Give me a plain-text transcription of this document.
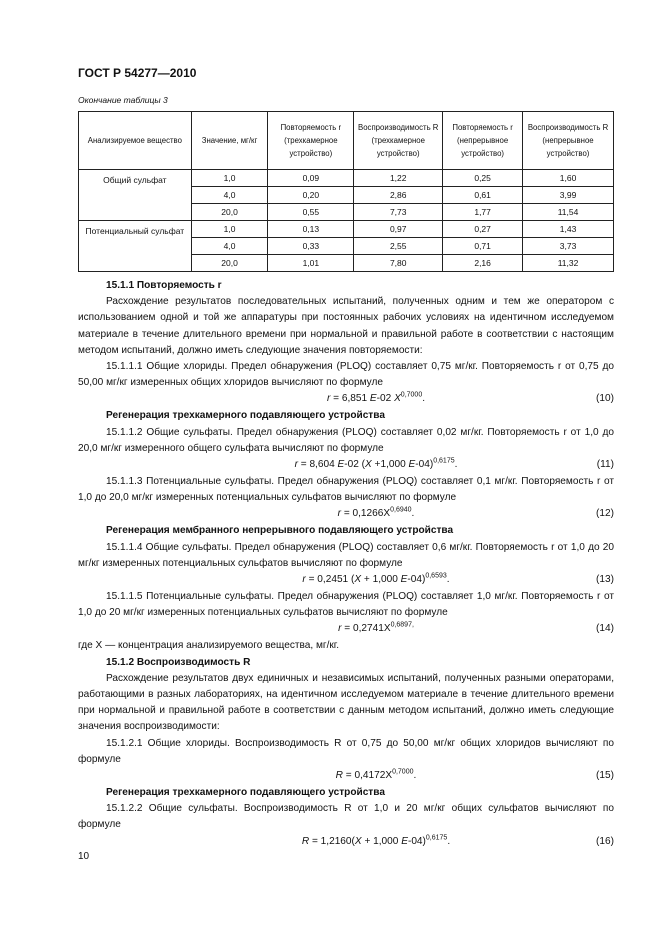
ГОСТ Р 54277—2010
Окончание таблицы 3
Анализируемое вещество	Значение, мг/кг	Повторяемость r (трехкамерное устройство)	Воспроизводимость R (трехкамерное устройство)	Повторяемость r (непрерывное устройство)	Воспроизводимость R (непрерывное устройство)
Общий сульфат	1,0	0,09	1,22	0,25	1,60
	4,0	0,20	2,86	0,61	3,99
	20,0	0,55	7,73	1,77	11,54
Потенциальный сульфат	1,0	0,13	0,97	0,27	1,43
	4,0	0,33	2,55	0,71	3,73
	20,0	1,01	7,80	2,16	11,32

15.1.1 Повторяемость r

Расхождение результатов последовательных испытаний, полученных одним и тем же оператором с использованием одной и той же аппаратуры при постоянных рабочих условиях на идентичном исследуемом материале в течение длительного времени при нормальной и правильной работе в соответствии с настоящим методом испытаний, должно иметь следующие значения повторяемости:

15.1.1.1 Общие хлориды. Предел обнаружения (PLOQ) составляет 0,75 мг/кг. Повторяемость r от 0,75 до 50,00 мг/кг измеренных общих хлоридов вычисляют по формуле

r = 6,851 E-02 $X^{0,7000}$.	(10)

Регенерация трехкамерного подавляющего устройства

15.1.1.2 Общие сульфаты. Предел обнаружения (PLOQ) составляет 0,02 мг/кг. Повторяемость r от 1,0 до 20,0 мг/кг измеренного общего сульфата вычисляют по формуле

r = 8,604 E-02 (X +1,000 E-04)$^{0,6175}$.	(11)

15.1.1.3 Потенциальные сульфаты. Предел обнаружения (PLOQ) составляет 0,1 мг/кг. Повторяемость r от 1,0 до 20,0 мг/кг измеренных потенциальных сульфатов вычисляют по формуле

$r = 0,1266X^{0,6940}$.	(12)

Регенерация мембранного непрерывного подавляющего устройства

15.1.1.4 Общие сульфаты. Предел обнаружения (PLOQ) составляет 0,6 мг/кг. Повторяемость r от 1,0 до 20 мг/кг измеренных потенциальных сульфатов вычисляют по формуле

r = 0,2451 (X + 1,000 E-04)$^{0,6593}$.	(13)

15.1.1.5 Потенциальные сульфаты. Предел обнаружения (PLOQ) составляет 1,0 мг/кг. Повторяемость r от 1,0 до 20 мг/кг измеренных потенциальных сульфатов вычисляют по формуле

$r = 0,2741X^{0,6897,}$	(14)

где X — концентрация анализируемого вещества, мг/кг.

15.1.2 Воспроизводимость R

Расхождение результатов двух единичных и независимых испытаний, полученных разными операторами, работающими в разных лабораториях, на идентичном исследуемом материале в течение длительного времени при нормальной и правильной работе в соответствии с данным методом испытаний, должно иметь следующие значения воспроизводимости:

15.1.2.1 Общие хлориды. Воспроизводимость R от 0,75 до 50,00 мг/кг общих хлоридов вычисляют по формуле

$R = 0,4172X^{0,7000}$.	(15)

Регенерация трехкамерного подавляющего устройства

15.1.2.2 Общие сульфаты. Воспроизводимость R от 1,0 и 20 мг/кг общих сульфатов вычисляют по формуле

R = 1,2160(X + 1,000 E-04)$^{0,6175}$.	(16)
10
